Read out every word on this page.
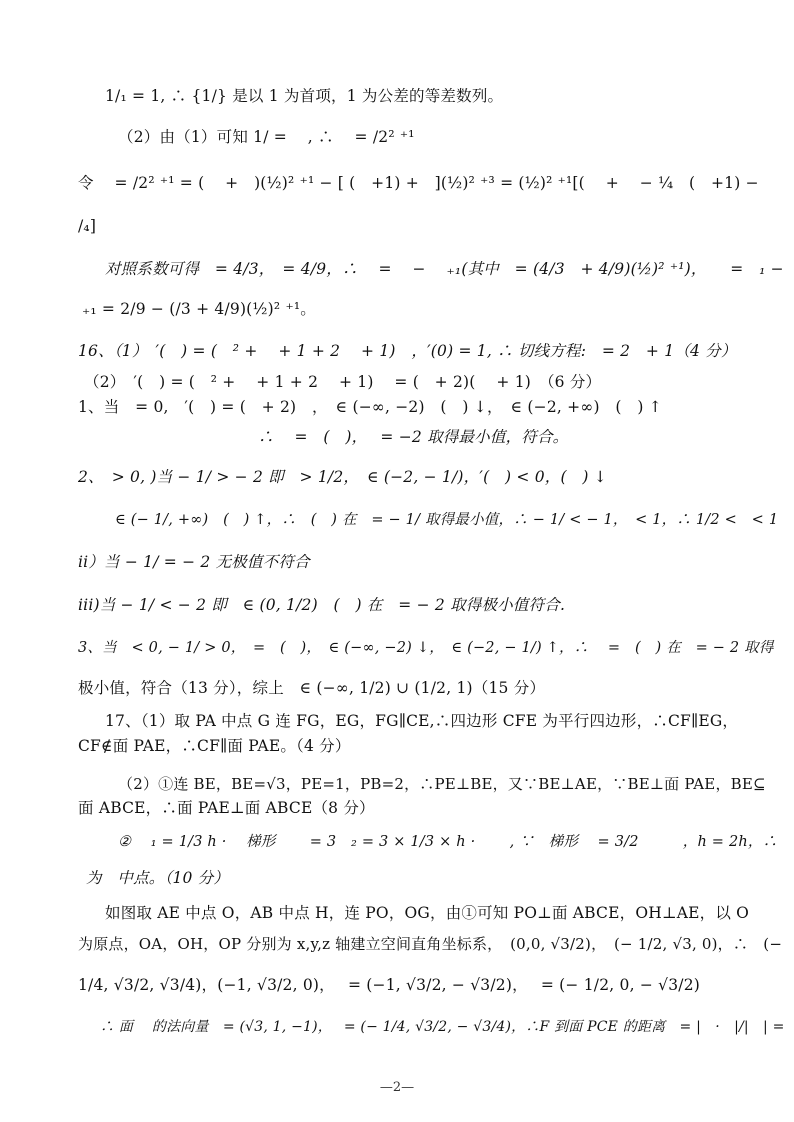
1/₁ = 1, ∴ {1/} 是以 1 为首项，1 为公差的等差数列。
（2）由（1）可知 1/ =　 , ∴　 = /2² ⁺¹
令　 = /2² ⁺¹ = (　 +　)(½)² ⁺¹ − [ (　+1) +　](½)² ⁺³ = (½)² ⁺¹[(　 +　 − ¼　(　+1) −
/₄]
对照系数可得　= 4/3，　= 4/9，∴　 =　 −　 ₊₁(其中　= (4/3　+ 4/9)(½)² ⁺¹)，　　=　₁ −
₊₁ = 2/9 − (/3 + 4/9)(½)² ⁺¹。
16、（1）　′(　) = (　² +　 + 1 + 2　 + 1)　，′(0) = 1, ∴ 切线方程:　= 2　+ 1（4 分）
（2）　′(　) = (　² +　 + 1 + 2　 + 1)　 = (　+ 2)(　 + 1)　（6 分）
1、当　= 0,　′(　) = (　+ 2)　，　∈ (−∞, −2)　(　) ↓，　∈ (−2, +∞)　(　) ↑
∴　 =　(　)，　 = −2 取得最小值，符合。
2、　> 0, )当 − 1/ > − 2 即　> 1/2，　∈ (−2, − 1/)，′(　) < 0，(　) ↓
∈ (− 1/, +∞)　(　) ↑，∴　(　) 在　= − 1/ 取得最小值，∴ − 1/ < − 1，　< 1，∴ 1/2 <　< 1
ii）当 − 1/ = − 2 无极值不符合
iii)当 − 1/ < − 2 即　∈ (0, 1/2)　(　) 在　= − 2 取得极小值符合.
3、当　< 0, − 1/ > 0，　=　(　)，　∈ (−∞, −2) ↓，　∈ (−2, − 1/) ↑，∴　 =　(　) 在　= − 2 取得
极小值，符合（13 分），综上　∈ (−∞, 1/2) ∪ (1/2, 1)（15 分）
17、（1）取 PA 中点 G 连 FG，EG，FG∥CE,∴四边形 CFE 为平行四边形，∴CF∥EG，
CF∉面 PAE，∴CF∥面 PAE。（4 分）
（2）①连 BE，BE=√3，PE=1，PB=2，∴PE⊥BE，又∵BE⊥AE，∵BE⊥面 PAE，BE⊆
面 ABCE，∴面 PAE⊥面 ABCE（8 分）
②　 ₁ = 1/3 h ·　 梯形　　 = 3　₂ = 3 × 1/3 × h ·　　 , ∵　梯形　 = 3/2　　　，h = 2h，∴
为　中点。（10 分）
如图取 AE 中点 O，AB 中点 H，连 PO，OG，由①可知 PO⊥面 ABCE，OH⊥AE，以 O
为原点，OA，OH，OP 分别为 x,y,z 轴建立空间直角坐标系，　(0,0, √3/2)，　(− 1/2, √3, 0)，∴　(−
1/4, √3/2, √3/4)，(−1, √3/2, 0)，　 = (−1, √3/2, − √3/2)，　 = (− 1/2, 0, − √3/2)
∴ 面　 的法向量　= (√3, 1, −1)，　 = (− 1/4, √3/2, − √3/4)，∴F 到面 PCE 的距离　= |　·　|/|　| =
—2—
